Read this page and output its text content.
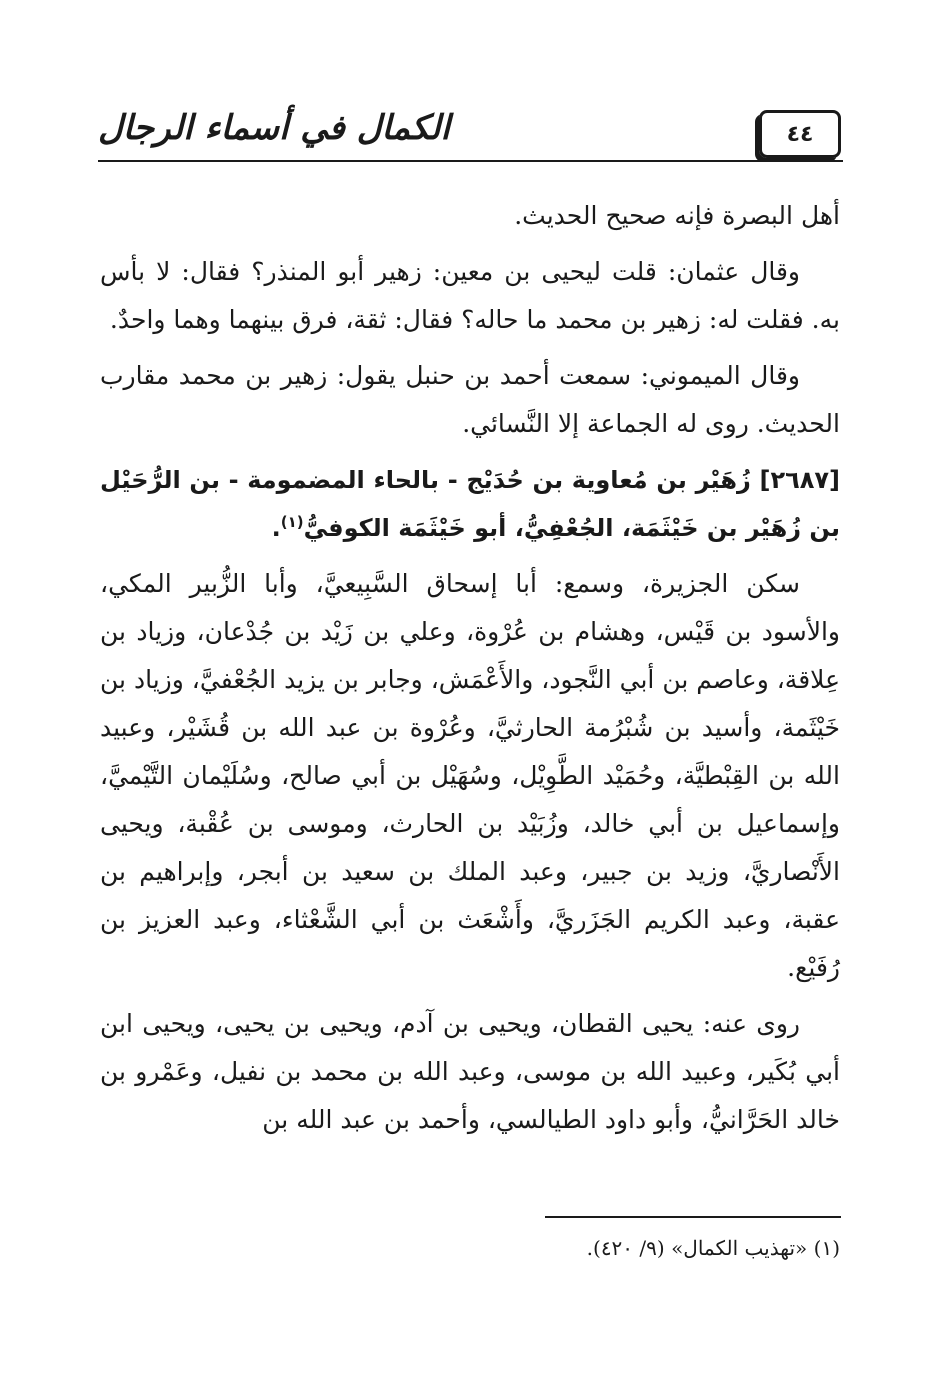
الكمال في أسماء الرجال	٤٤

أهل البصرة فإنه صحيح الحديث.

وقال عثمان: قلت ليحيى بن معين: زهير أبو المنذر؟ فقال: لا بأس به. فقلت له: زهير بن محمد ما حاله؟ فقال: ثقة، فرق بينهما وهما واحدٌ.

وقال الميموني: سمعت أحمد بن حنبل يقول: زهير بن محمد مقارب الحديث. روى له الجماعة إلا النَّسائي.

[٢٦٨٧] زُهَيْر بن مُعاوية بن حُدَيْج - بالحاء المضمومة - بن الرُّحَيْل بن زُهَيْر بن خَيْثَمَة، الجُعْفِيُّ، أبو خَيْثَمَة الكوفيُّ$^{(١)}$.

سكن الجزيرة، وسمع: أبا إسحاق السَّبِيعيَّ، وأبا الزُّبير المكي، والأسود بن قَيْس، وهشام بن عُرْوة، وعلي بن زَيْد بن جُدْعان، وزياد بن عِلاقة، وعاصم بن أبي النَّجود، والأَعْمَش، وجابر بن يزيد الجُعْفيَّ، وزياد بن خَيْثَمة، وأسيد بن شُبْرُمة الحارثيَّ، وعُرْوة بن عبد الله بن قُشَيْر، وعبيد الله بن القِبْطيَّة، وحُمَيْد الطَّوِيْل، وسُهَيْل بن أبي صالح، وسُلَيْمان التَّيْميَّ، وإسماعيل بن أبي خالد، وزُبَيْد بن الحارث، وموسى بن عُقْبة، ويحيى الأَنْصاريَّ، وزيد بن جبير، وعبد الملك بن سعيد بن أبجر، وإبراهيم بن عقبة، وعبد الكريم الجَزَريَّ، وأَشْعَث بن أبي الشَّعْثاء، وعبد العزيز بن رُفَيْع.

روى عنه: يحيى القطان، ويحيى بن آدم، ويحيى بن يحيى، ويحيى ابن أبي بُكَير، وعبيد الله بن موسى، وعبد الله بن محمد بن نفيل، وعَمْرو بن خالد الحَرَّانيُّ، وأبو داود الطيالسي، وأحمد بن عبد الله بن

(١) «تهذيب الكمال» (٩/ ٤٢٠).
